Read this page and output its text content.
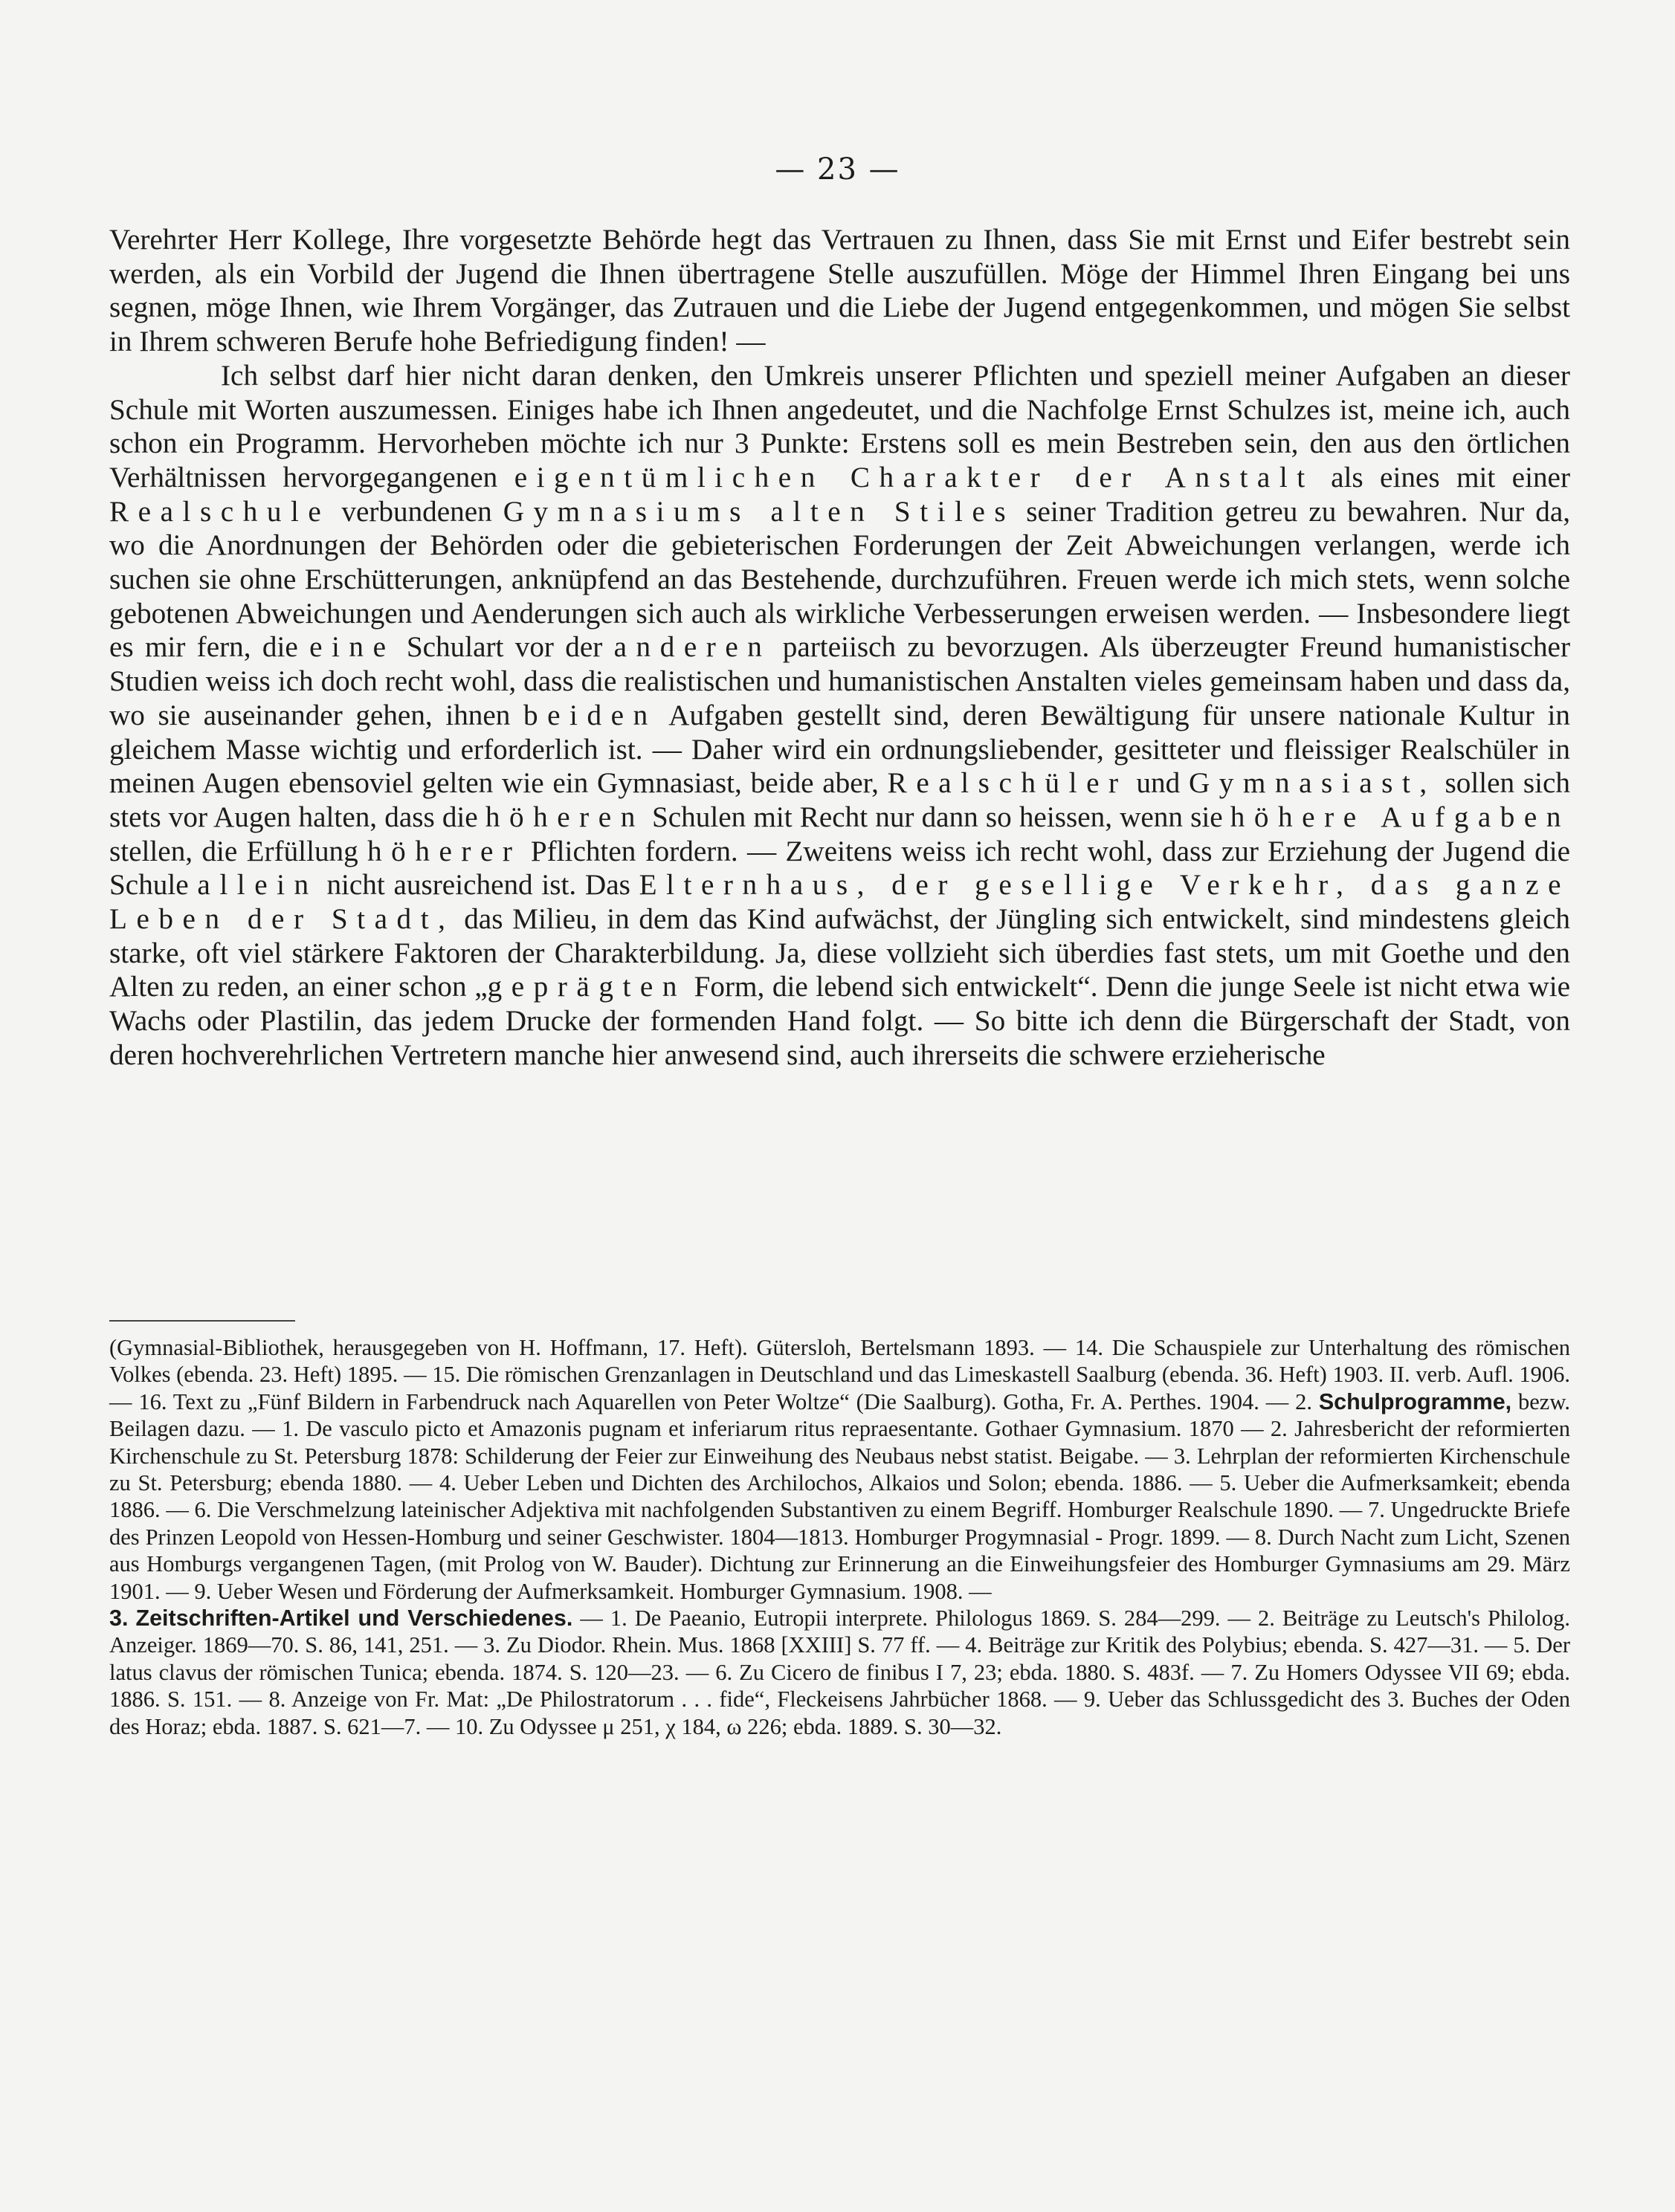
— 23 —

Verehrter Herr Kollege, Ihre vorgesetzte Behörde hegt das Vertrauen zu Ihnen, dass Sie mit Ernst und Eifer bestrebt sein werden, als ein Vorbild der Jugend die Ihnen übertragene Stelle auszufüllen. Möge der Himmel Ihren Eingang bei uns segnen, möge Ihnen, wie Ihrem Vorgänger, das Zutrauen und die Liebe der Jugend entgegenkommen, und mögen Sie selbst in Ihrem schweren Berufe hohe Befriedigung finden! —

Ich selbst darf hier nicht daran denken, den Umkreis unserer Pflichten und speziell meiner Aufgaben an dieser Schule mit Worten auszumessen. Einiges habe ich Ihnen angedeutet, und die Nachfolge Ernst Schulzes ist, meine ich, auch schon ein Programm. Hervorheben möchte ich nur 3 Punkte: Erstens soll es mein Bestreben sein, den aus den örtlichen Verhältnissen hervorgegangenen eigentümlichen Charakter der Anstalt als eines mit einer Realschule verbundenen Gymnasiums alten Stiles seiner Tradition getreu zu bewahren. Nur da, wo die Anordnungen der Behörden oder die gebieterischen Forderungen der Zeit Abweichungen verlangen, werde ich suchen sie ohne Erschütterungen, anknüpfend an das Bestehende, durchzuführen. Freuen werde ich mich stets, wenn solche gebotenen Abweichungen und Aenderungen sich auch als wirkliche Verbesserungen erweisen werden. — Insbesondere liegt es mir fern, die eine Schulart vor der anderen parteiisch zu bevorzugen. Als überzeugter Freund humanistischer Studien weiss ich doch recht wohl, dass die realistischen und humanistischen Anstalten vieles gemeinsam haben und dass da, wo sie auseinander gehen, ihnen beiden Aufgaben gestellt sind, deren Bewältigung für unsere nationale Kultur in gleichem Masse wichtig und erforderlich ist. — Daher wird ein ordnungsliebender, gesitteter und fleissiger Realschüler in meinen Augen ebensoviel gelten wie ein Gymnasiast, beide aber, Realschüler und Gymnasiast, sollen sich stets vor Augen halten, dass die höheren Schulen mit Recht nur dann so heissen, wenn sie höhere Aufgaben stellen, die Erfüllung höherer Pflichten fordern. — Zweitens weiss ich recht wohl, dass zur Erziehung der Jugend die Schule allein nicht ausreichend ist. Das Elternhaus, der gesellige Verkehr, das ganze Leben der Stadt, das Milieu, in dem das Kind aufwächst, der Jüngling sich entwickelt, sind mindestens gleich starke, oft viel stärkere Faktoren der Charakterbildung. Ja, diese vollzieht sich überdies fast stets, um mit Goethe und den Alten zu reden, an einer schon „geprägten Form, die lebend sich entwickelt“. Denn die junge Seele ist nicht etwa wie Wachs oder Plastilin, das jedem Drucke der formenden Hand folgt. — So bitte ich denn die Bürgerschaft der Stadt, von deren hochverehrlichen Vertretern manche hier anwesend sind, auch ihrerseits die schwere erzieherische

(Gymnasial-Bibliothek, herausgegeben von H. Hoffmann, 17. Heft). Gütersloh, Bertelsmann 1893. — 14. Die Schauspiele zur Unterhaltung des römischen Volkes (ebenda. 23. Heft) 1895. — 15. Die römischen Grenzanlagen in Deutschland und das Limeskastell Saalburg (ebenda. 36. Heft) 1903. II. verb. Aufl. 1906. — 16. Text zu „Fünf Bildern in Farbendruck nach Aquarellen von Peter Woltze“ (Die Saalburg). Gotha, Fr. A. Perthes. 1904. — 2. Schulprogramme, bezw. Beilagen dazu. — 1. De vasculo picto et Amazonis pugnam et inferiarum ritus repraesentante. Gothaer Gymnasium. 1870 — 2. Jahresbericht der reformierten Kirchenschule zu St. Petersburg 1878: Schilderung der Feier zur Einweihung des Neubaus nebst statist. Beigabe. — 3. Lehrplan der reformierten Kirchenschule zu St. Petersburg; ebenda 1880. — 4. Ueber Leben und Dichten des Archilochos, Alkaios und Solon; ebenda. 1886. — 5. Ueber die Aufmerksamkeit; ebenda 1886. — 6. Die Verschmelzung lateinischer Adjektiva mit nachfolgenden Substantiven zu einem Begriff. Homburger Realschule 1890. — 7. Ungedruckte Briefe des Prinzen Leopold von Hessen-Homburg und seiner Geschwister. 1804—1813. Homburger Progymnasial - Progr. 1899. — 8. Durch Nacht zum Licht, Szenen aus Homburgs vergangenen Tagen, (mit Prolog von W. Bauder). Dichtung zur Erinnerung an die Einweihungsfeier des Homburger Gymnasiums am 29. März 1901. — 9. Ueber Wesen und Förderung der Aufmerksamkeit. Homburger Gymnasium. 1908. —

3. Zeitschriften-Artikel und Verschiedenes. — 1. De Paeanio, Eutropii interprete. Philologus 1869. S. 284—299. — 2. Beiträge zu Leutsch's Philolog. Anzeiger. 1869—70. S. 86, 141, 251. — 3. Zu Diodor. Rhein. Mus. 1868 [XXIII] S. 77 ff. — 4. Beiträge zur Kritik des Polybius; ebenda. S. 427—31. — 5. Der latus clavus der römischen Tunica; ebenda. 1874. S. 120—23. — 6. Zu Cicero de finibus I 7, 23; ebda. 1880. S. 483f. — 7. Zu Homers Odyssee VII 69; ebda. 1886. S. 151. — 8. Anzeige von Fr. Mat: „De Philostratorum . . . fide“, Fleckeisens Jahrbücher 1868. — 9. Ueber das Schlussgedicht des 3. Buches der Oden des Horaz; ebda. 1887. S. 621—7. — 10. Zu Odyssee μ 251, χ 184, ω 226; ebda. 1889. S. 30—32.
